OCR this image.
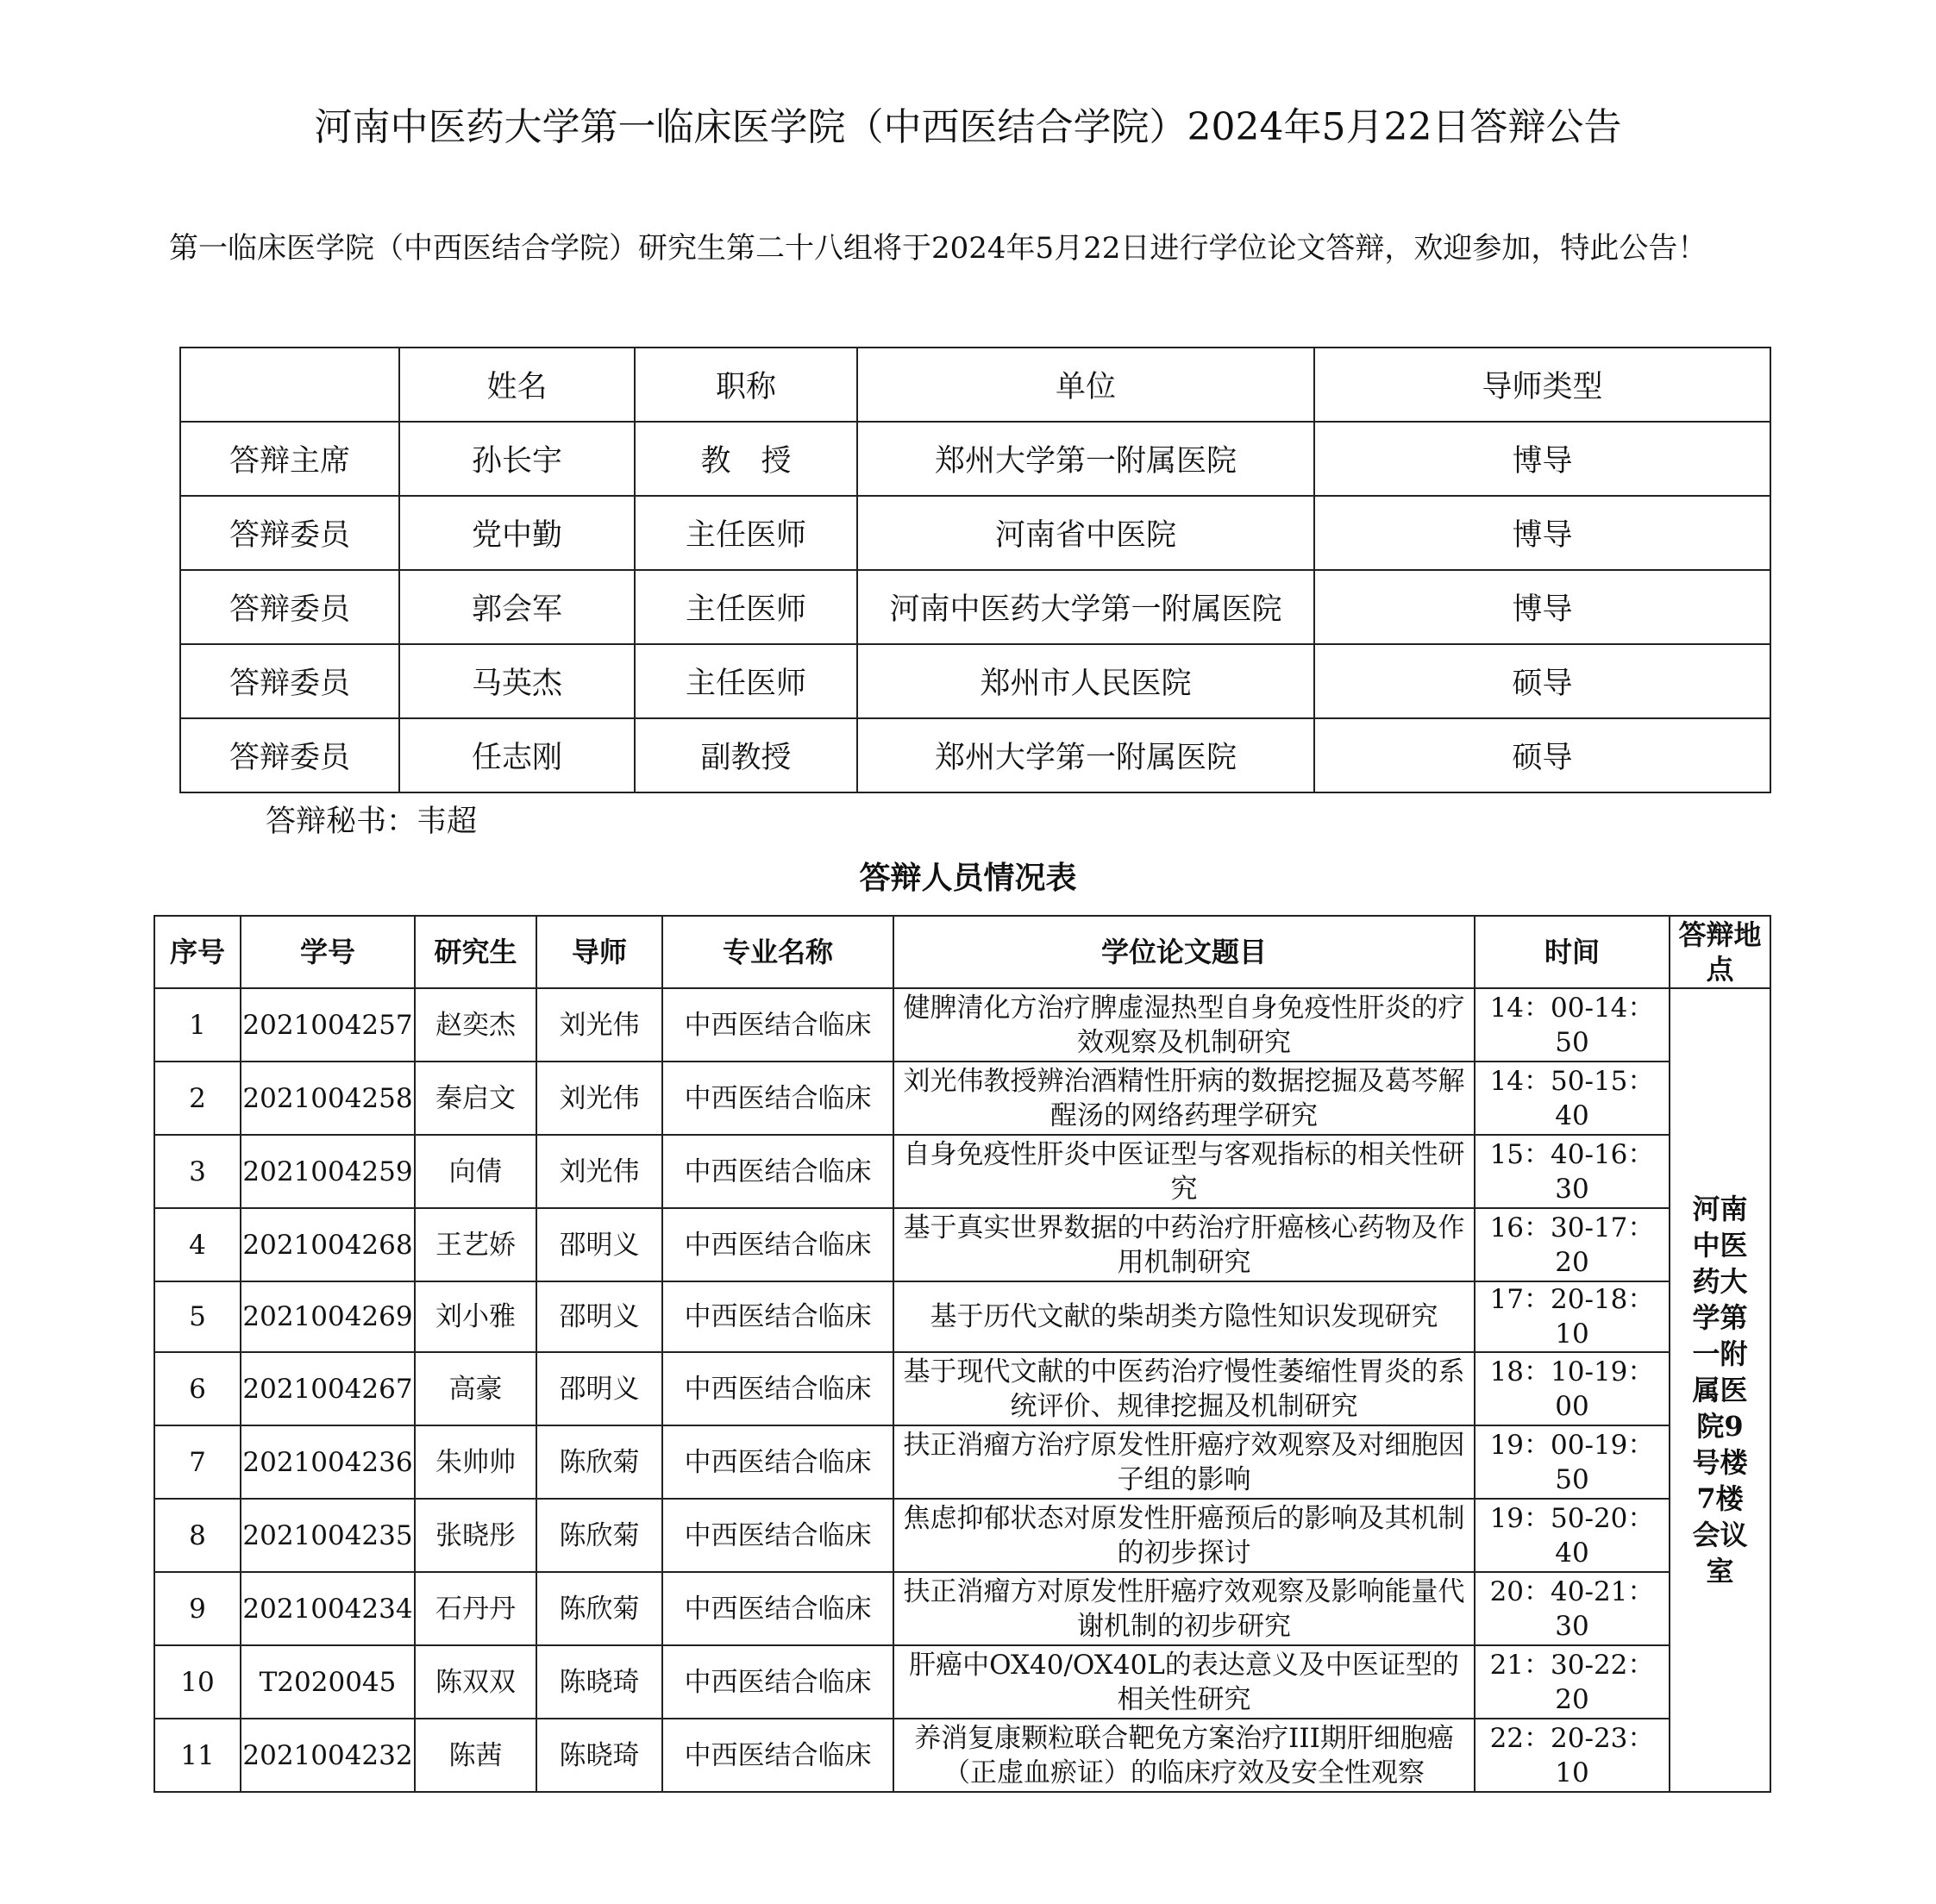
河南中医药大学第一临床医学院（中西医结合学院）2024年5月22日答辩公告
第一临床医学院（中西医结合学院）研究生第二十八组将于2024年5月22日进行学位论文答辩，欢迎参加，特此公告！
	姓名	职称	单位	导师类型
答辩主席	孙长宇	教　授	郑州大学第一附属医院	博导
答辩委员	党中勤	主任医师	河南省中医院	博导
答辩委员	郭会军	主任医师	河南中医药大学第一附属医院	博导
答辩委员	马英杰	主任医师	郑州市人民医院	硕导
答辩委员	任志刚	副教授	郑州大学第一附属医院	硕导
答辩秘书：韦超
答辩人员情况表
序号	学号	研究生	导师	专业名称	学位论文题目	时间	答辩地点
1	2021004257	赵奕杰	刘光伟	中西医结合临床	健脾清化方治疗脾虚湿热型自身免疫性肝炎的疗效观察及机制研究	14：00-14：50	河南中医药大学第一附属医院9号楼7楼会议室
2	2021004258	秦启文	刘光伟	中西医结合临床	刘光伟教授辨治酒精性肝病的数据挖掘及葛芩解酲汤的网络药理学研究	14：50-15：40	
3	2021004259	向倩	刘光伟	中西医结合临床	自身免疫性肝炎中医证型与客观指标的相关性研究	15：40-16：30	
4	2021004268	王艺娇	邵明义	中西医结合临床	基于真实世界数据的中药治疗肝癌核心药物及作用机制研究	16：30-17：20	
5	2021004269	刘小雅	邵明义	中西医结合临床	基于历代文献的柴胡类方隐性知识发现研究	17：20-18：10	
6	2021004267	高豪	邵明义	中西医结合临床	基于现代文献的中医药治疗慢性萎缩性胃炎的系统评价、规律挖掘及机制研究	18：10-19：00	
7	2021004236	朱帅帅	陈欣菊	中西医结合临床	扶正消瘤方治疗原发性肝癌疗效观察及对细胞因子组的影响	19：00-19：50	
8	2021004235	张晓彤	陈欣菊	中西医结合临床	焦虑抑郁状态对原发性肝癌预后的影响及其机制的初步探讨	19：50-20：40	
9	2021004234	石丹丹	陈欣菊	中西医结合临床	扶正消瘤方对原发性肝癌疗效观察及影响能量代谢机制的初步研究	20：40-21：30	
10	T2020045	陈双双	陈晓琦	中西医结合临床	肝癌中OX40/OX40L的表达意义及中医证型的相关性研究	21：30-22：20	
11	2021004232	陈茜	陈晓琦	中西医结合临床	养消复康颗粒联合靶免方案治疗III期肝细胞癌（正虚血瘀证）的临床疗效及安全性观察	22：20-23：10	
